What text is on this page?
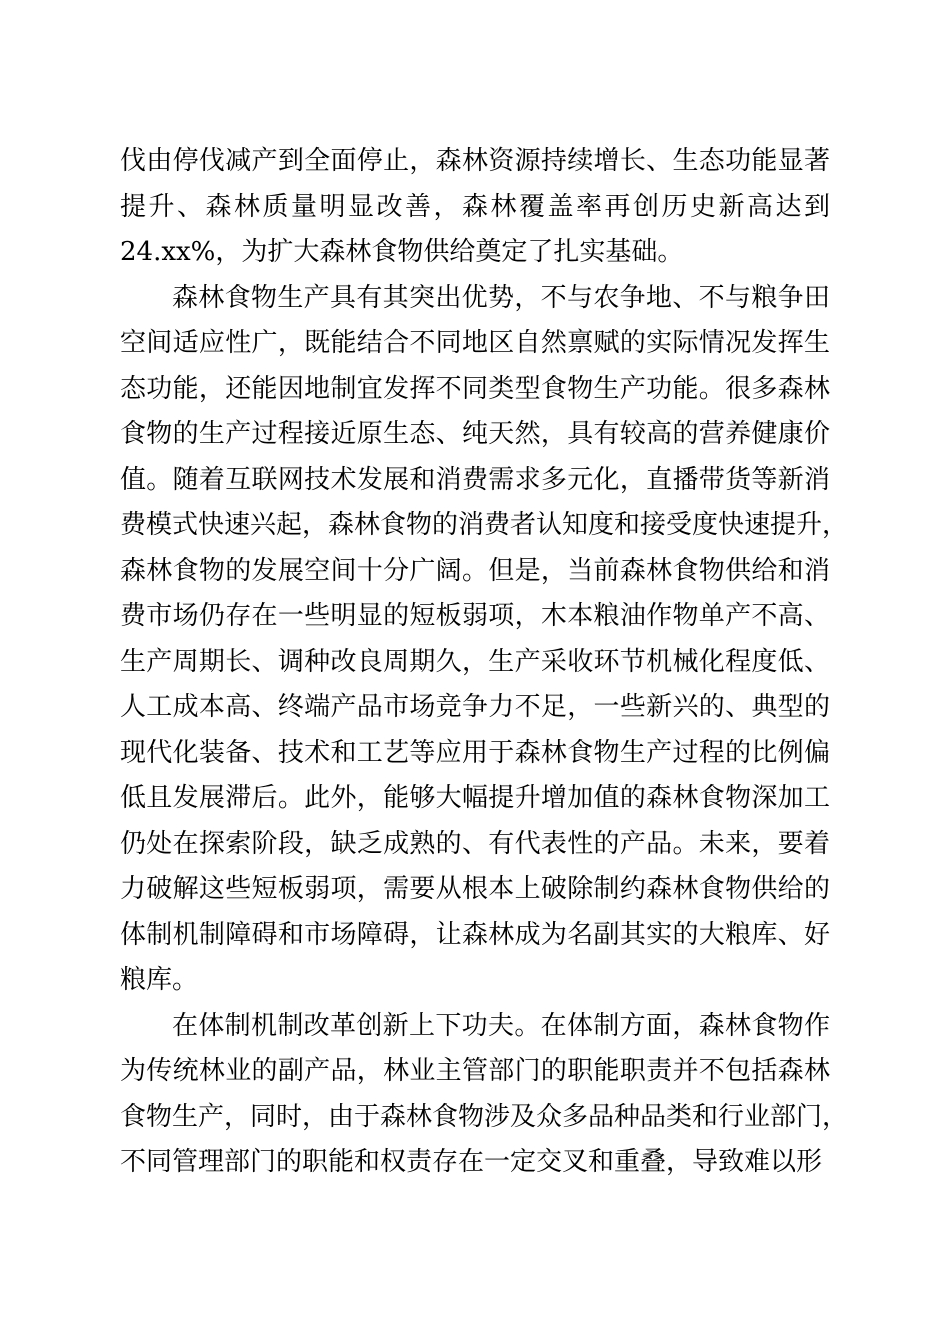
伐由停伐减产到全面停止，森林资源持续增长、生态功能显著
提升、森林质量明显改善，森林覆盖率再创历史新高达到
24.xx%，为扩大森林食物供给奠定了扎实基础。
森林食物生产具有其突出优势，不与农争地、不与粮争田
空间适应性广，既能结合不同地区自然禀赋的实际情况发挥生
态功能，还能因地制宜发挥不同类型食物生产功能。很多森林
食物的生产过程接近原生态、纯天然，具有较高的营养健康价
值。随着互联网技术发展和消费需求多元化，直播带货等新消
费模式快速兴起，森林食物的消费者认知度和接受度快速提升，
森林食物的发展空间十分广阔。但是，当前森林食物供给和消
费市场仍存在一些明显的短板弱项，木本粮油作物单产不高、
生产周期长、调种改良周期久，生产采收环节机械化程度低、
人工成本高、终端产品市场竞争力不足，一些新兴的、典型的
现代化装备、技术和工艺等应用于森林食物生产过程的比例偏
低且发展滞后。此外，能够大幅提升增加值的森林食物深加工
仍处在探索阶段，缺乏成熟的、有代表性的产品。未来，要着
力破解这些短板弱项，需要从根本上破除制约森林食物供给的
体制机制障碍和市场障碍，让森林成为名副其实的大粮库、好
粮库。
在体制机制改革创新上下功夫。在体制方面，森林食物作
为传统林业的副产品，林业主管部门的职能职责并不包括森林
食物生产，同时，由于森林食物涉及众多品种品类和行业部门，
不同管理部门的职能和权责存在一定交叉和重叠，导致难以形
